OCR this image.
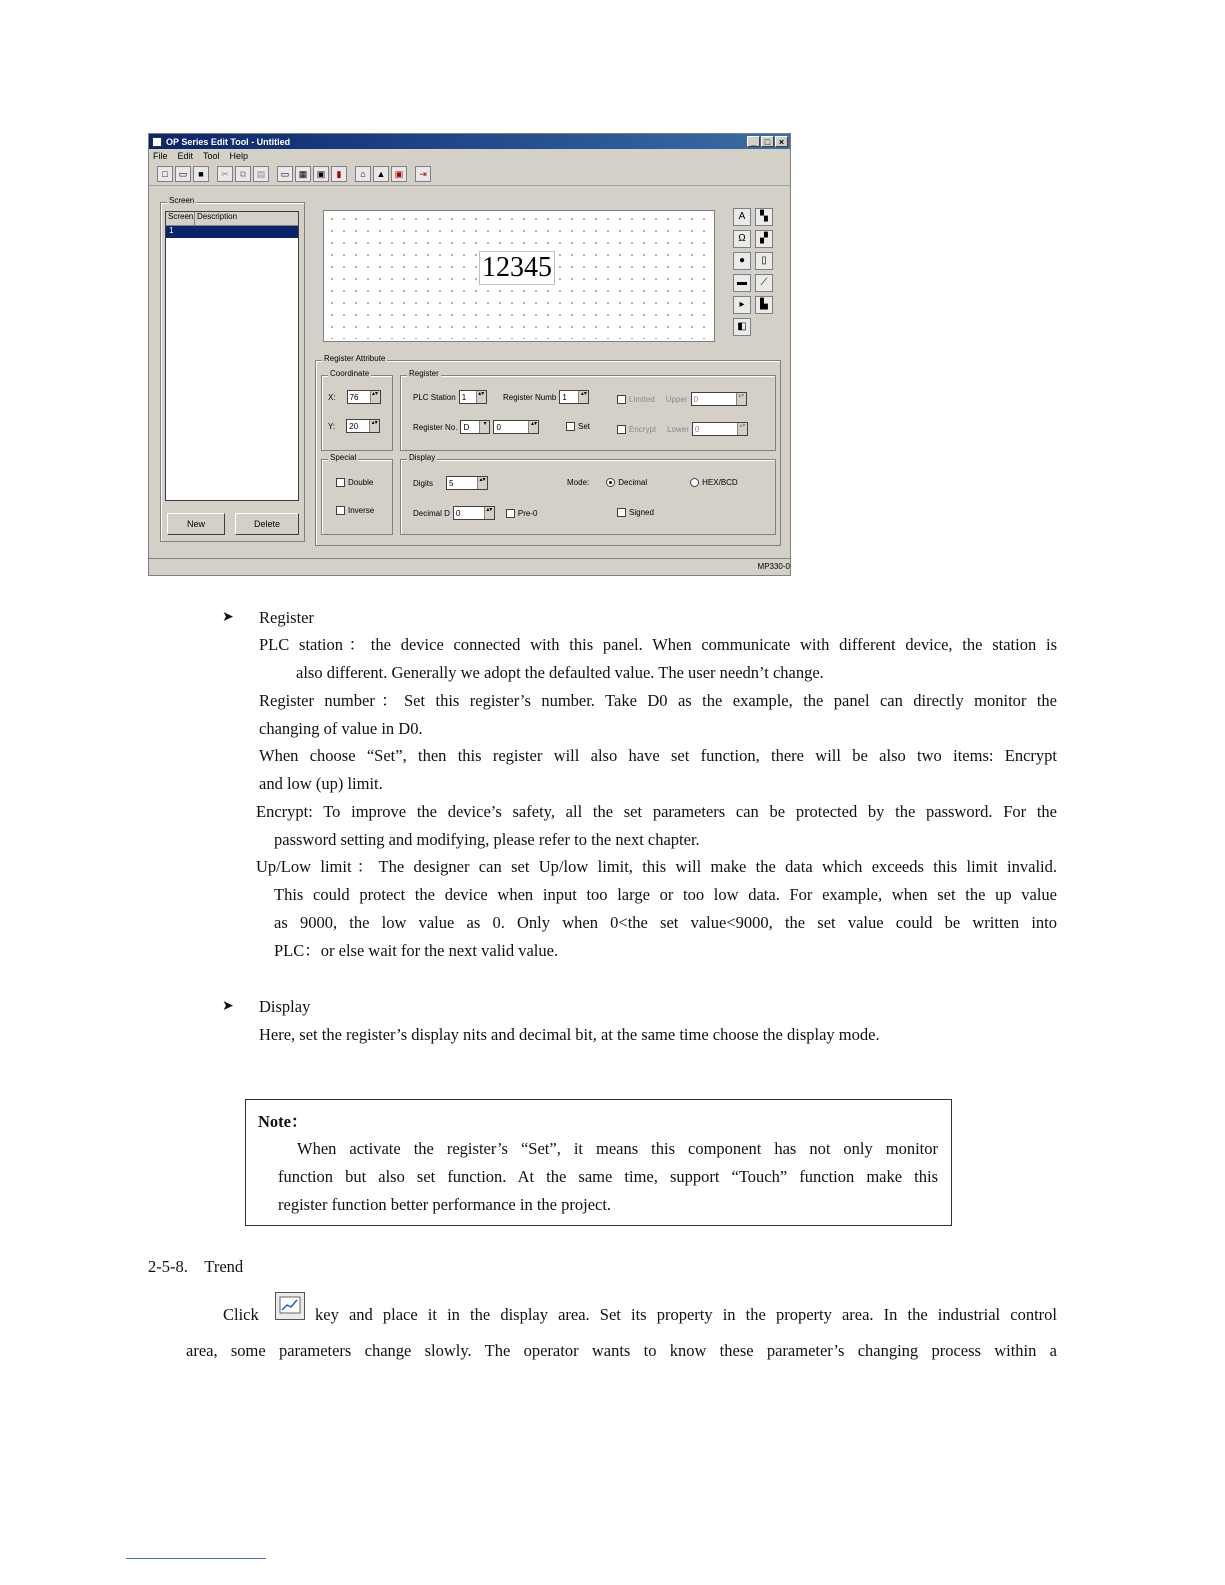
OP Series Edit Tool - Untitled	_ □ ×
File Edit Tool Help
□	▭	■	✂	⧉	▤	▭	▦	▣	▮	⌂	▲	▣	⇥
Screen
Screen Description
1
New	Delete
12345
A	▚
Ω	▞
●	▯
▬	⟋
▸	▙
◧
Register Attribute
Coordinate
X: 76	▴▾
Y: 20	▴▾
Register
PLC Station 1	▴▾ Register Numb 1	▴▾
Limited Upper 0	▴▾
Register No. D	▾	0	▴▾	Set	Encrypt Lower 0	▴▾
Special
Double
Inverse
Display
Digits 5	▴▾	Mode:	Decimal	HEX/BCD
Decimal D 0	▴▾	Pre-0	Signed
MP330-0
➤ Register
PLC station：the device connected with this panel. When communicate with different device, the station is
also different. Generally we adopt the defaulted value. The user needn’t change.
Register number：Set this register’s number. Take D0 as the example, the panel can directly monitor the
changing of value in D0.
When choose “Set”, then this register will also have set function, there will be also two items: Encrypt
and low (up) limit.
Encrypt: To improve the device’s safety, all the set parameters can be protected by the password. For the
password setting and modifying, please refer to the next chapter.
Up/Low limit：The designer can set Up/low limit, this will make the data which exceeds this limit invalid.
This could protect the device when input too large or too low data. For example, when set the up value
as 9000, the low value as 0. Only when 0<the set value<9000, the set value could be written into
PLC：or else wait for the next valid value.
➤ Display
Here, set the register’s display nits and decimal bit, at the same time choose the display mode.
Note：
When activate the register’s “Set”, it means this component has not only monitor
function but also set function. At the same time, support “Touch” function make this
register function better performance in the project.
2-5-8.　Trend
Click	key and place it in the display area. Set its property in the property area. In the industrial control
area, some parameters change slowly. The operator wants to know these parameter’s changing process within a
